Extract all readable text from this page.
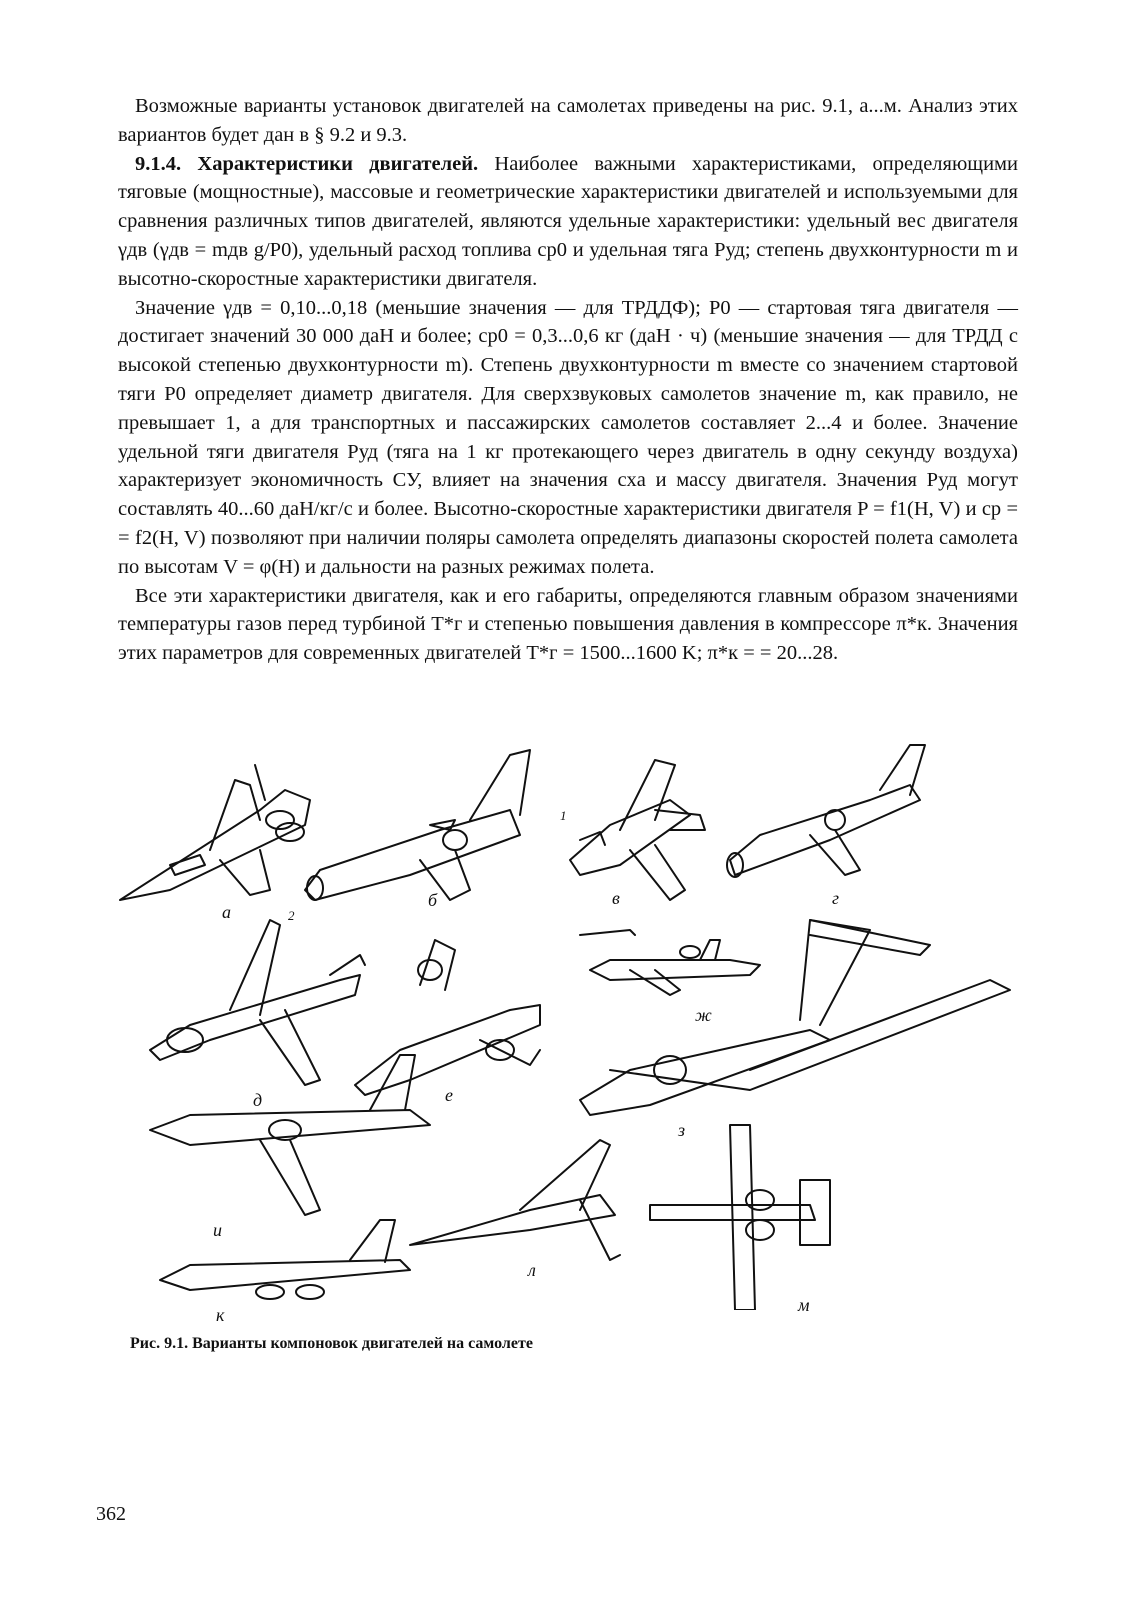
Возможные варианты установок двигателей на самолетах приведены на рис. 9.1, а...м. Анализ этих вариантов будет дан в § 9.2 и 9.3.

9.1.4. Характеристики двигателей. Наиболее важными характеристиками, определяющими тяговые (мощностные), массовые и геометрические характеристики двигателей и используемыми для сравнения различных типов двигателей, являются удельные характеристики: удельный вес двигателя γдв (γдв = mдв g/P0), удельный расход топлива cp0 и удельная тяга Pуд; степень двухконтурности m и высотно-скоростные характеристики двигателя.

Значение γдв = 0,10...0,18 (меньшие значения — для ТРДДФ); P0 — стартовая тяга двигателя — достигает значений 30 000 даН и более; cp0 = 0,3...0,6 кг (даН · ч) (меньшие значения — для ТРДД с высокой степенью двухконтурности m). Степень двухконтурности m вместе со значением стартовой тяги P0 определяет диаметр двигателя. Для сверхзвуковых самолетов значение m, как правило, не превышает 1, а для транспортных и пассажирских самолетов составляет 2...4 и более. Значение удельной тяги двигателя Pуд (тяга на 1 кг протекающего через двигатель в одну секунду воздуха) характеризует экономичность СУ, влияет на значения cxa и массу двигателя. Значения Pуд могут составлять 40...60 даН/кг/с и более. Высотно-скоростные характеристики двигателя P = f1(H, V) и cp = = f2(H, V) позволяют при наличии поляры самолета определять диапазоны скоростей полета самолета по высотам V = φ(H) и дальности на разных режимах полета.

Все эти характеристики двигателя, как и его габариты, определяются главным образом значениями температуры газов перед турбиной T*г и степенью повышения давления в компрессоре π*к. Значения этих параметров для современных двигателей T*г = 1500...1600 K; π*к = = 20...28.

а	2
б
1
в	г
д	е
ж
з
и
л
м
к
Рис. 9.1. Варианты компоновок двигателей на самолете
362
